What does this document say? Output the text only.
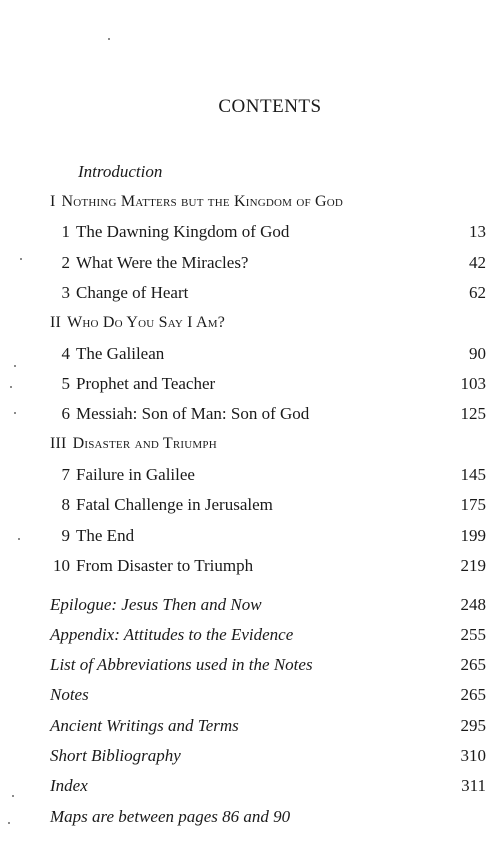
CONTENTS
Introduction
I Nothing Matters but the Kingdom of God
1 The Dawning Kingdom of God	13
2 What Were the Miracles?	42
3 Change of Heart	62
II Who Do You Say I Am?
4 The Galilean	90
5 Prophet and Teacher	103
6 Messiah: Son of Man: Son of God	125
III Disaster and Triumph
7 Failure in Galilee	145
8 Fatal Challenge in Jerusalem	175
9 The End	199
10 From Disaster to Triumph	219
Epilogue: Jesus Then and Now	248
Appendix: Attitudes to the Evidence	255
List of Abbreviations used in the Notes	265
Notes	265
Ancient Writings and Terms	295
Short Bibliography	310
Index	311
Maps are between pages 86 and 90
